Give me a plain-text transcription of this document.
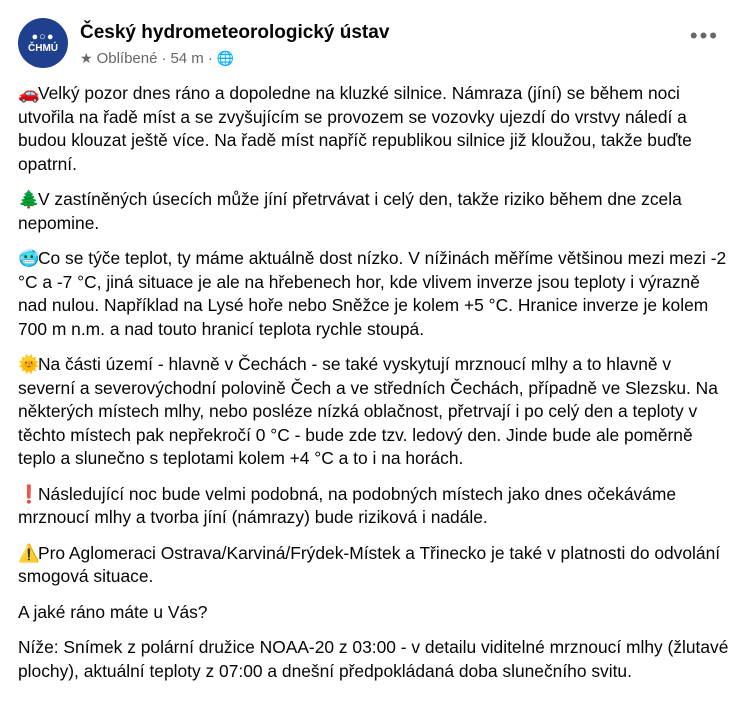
●○●
ČHMÚ
Český hydrometeorologický ústav
★ Oblíbené · 54 m · 🌐
•••

🚗Velký pozor dnes ráno a dopoledne na kluzké silnice. Námraza (jíní) se během noci utvořila na řadě míst a se zvyšujícím se provozem se vozovky ujezdí do vrstvy náledí a budou klouzat ještě více. Na řadě míst napříč republikou silnice již kloužou, takže buďte opatrní.

🌲V zastíněných úsecích může jíní přetrvávat i celý den, takže riziko během dne zcela nepomine.

🥶Co se týče teplot, ty máme aktuálně dost nízko. V nížinách měříme většinou mezi mezi -2 °C a -7 °C, jiná situace je ale na hřebenech hor, kde vlivem inverze jsou teploty i výrazně nad nulou. Například na Lysé hoře nebo Sněžce je kolem +5 °C. Hranice inverze je kolem 700 m n.m. a nad touto hranicí teplota rychle stoupá.

🌞Na části území - hlavně v Čechách - se také vyskytují mrznoucí mlhy a to hlavně v severní a severovýchodní polovině Čech a ve středních Čechách, případně ve Slezsku. Na některých místech mlhy, nebo posléze nízká oblačnost, přetrvají i po celý den a teploty v těchto místech pak nepřekročí 0 °C - bude zde tzv. ledový den. Jinde bude ale poměrně teplo a slunečno s teplotami kolem +4 °C a to i na horách.

❗Následující noc bude velmi podobná, na podobných místech jako dnes očekáváme mrznoucí mlhy a tvorba jíní (námrazy) bude riziková i nadále.

⚠️Pro Aglomeraci Ostrava/Karviná/Frýdek-Místek a Třinecko je také v platnosti do odvolání smogová situace.

A jaké ráno máte u Vás?

Níže: Snímek z polární družice NOAA-20 z 03:00 - v detailu viditelné mrznoucí mlhy (žlutavé plochy), aktuální teploty z 07:00 a dnešní předpokládaná doba slunečního svitu.
